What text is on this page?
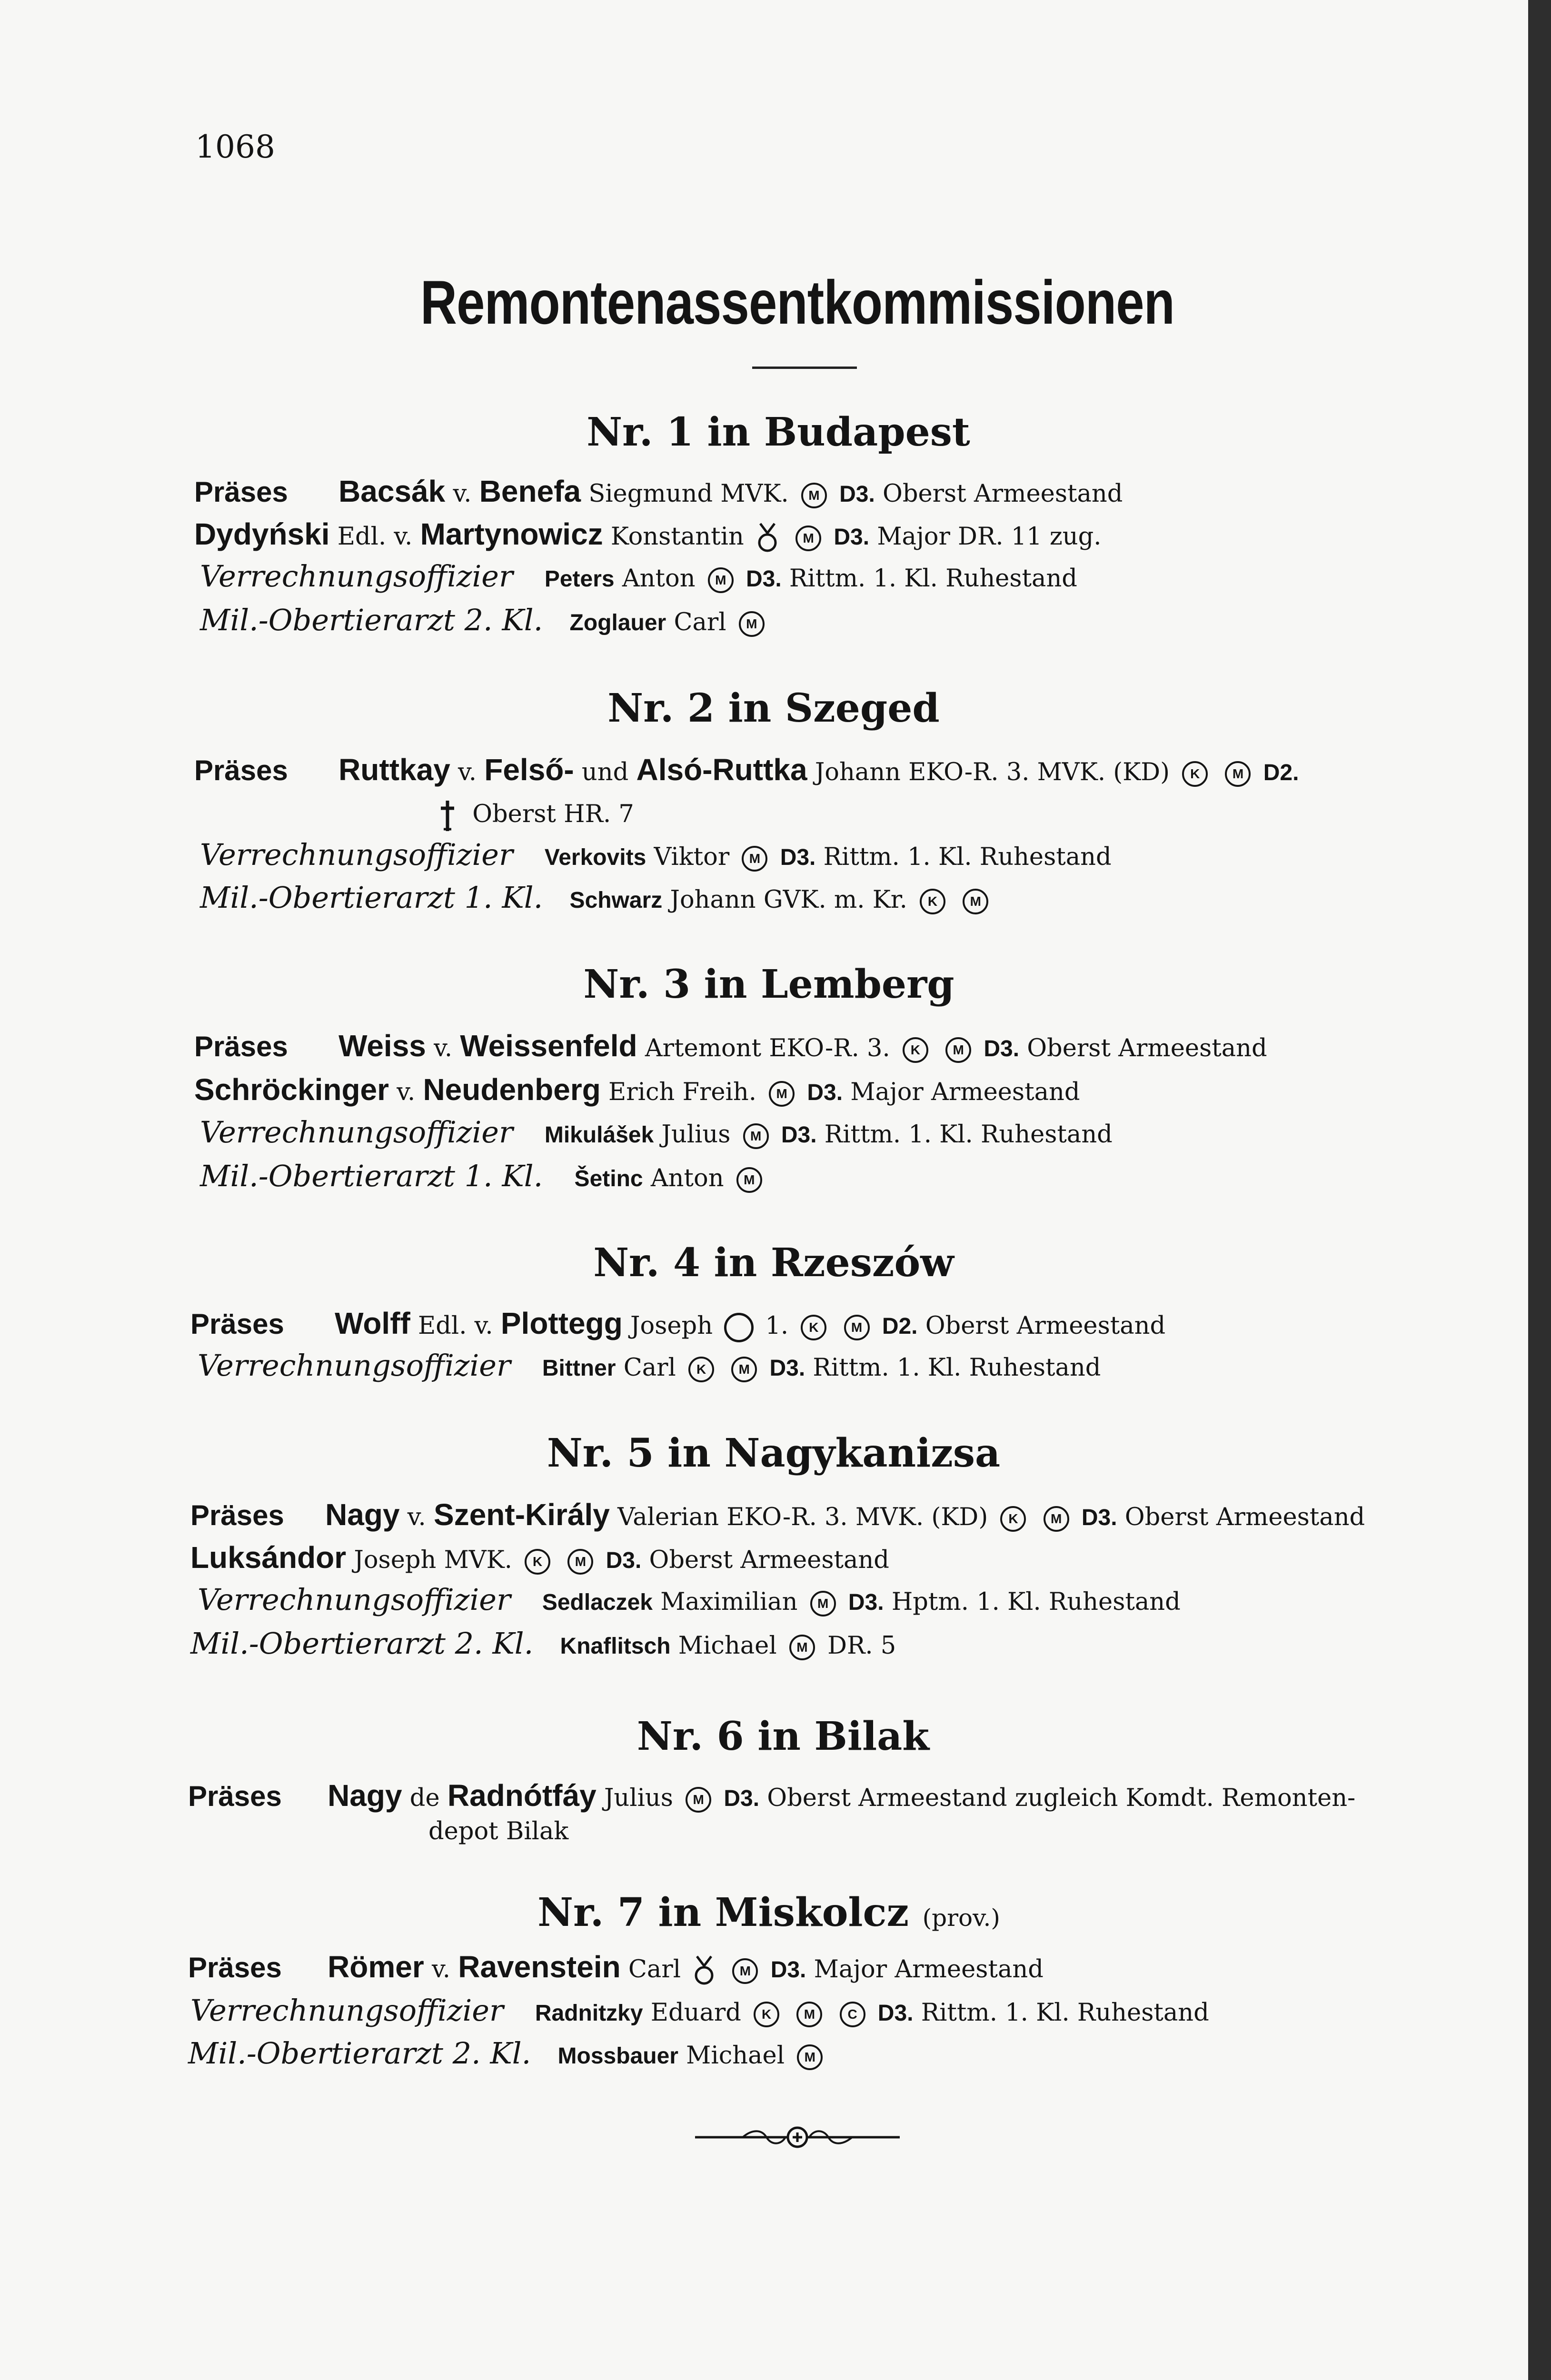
1068
Remontenassentkommissionen
Nr. 1 in Budapest
Präses Bacsák v. Benefa Siegmund MVK. M D3. Oberst Armeestand
Dydyński Edl. v. Martynowicz Konstantin	M D3. Major DR. 11 zug.
Verrechnungsoffizier Peters Anton M D3. Rittm. 1. Kl. Ruhestand
Mil.-Obertierarzt 2. Kl. Zoglauer Carl M
Nr. 2 in Szeged
Präses Ruttkay v. Felső- und Alsó-Ruttka Johann EKO-R. 3. MVK. (KD) K M D2.
Oberst HR. 7
Verrechnungsoffizier Verkovits Viktor M D3. Rittm. 1. Kl. Ruhestand
Mil.-Obertierarzt 1. Kl. Schwarz Johann GVK. m. Kr. K M
Nr. 3 in Lemberg
Präses Weiss v. Weissenfeld Artemont EKO-R. 3. K M D3. Oberst Armeestand
Schröckinger v. Neudenberg Erich Freih. M D3. Major Armeestand
Verrechnungsoffizier Mikulášek Julius M D3. Rittm. 1. Kl. Ruhestand
Mil.-Obertierarzt 1. Kl. Šetinc Anton M
Nr. 4 in Rzeszów
Präses Wolff Edl. v. Plottegg Joseph 1. K M D2. Oberst Armeestand
Verrechnungsoffizier Bittner Carl K M D3. Rittm. 1. Kl. Ruhestand
Nr. 5 in Nagykanizsa
Präses Nagy v. Szent-Király Valerian EKO-R. 3. MVK. (KD) K M D3. Oberst Armeestand
Luksándor Joseph MVK. K M D3. Oberst Armeestand
Verrechnungsoffizier Sedlaczek Maximilian M D3. Hptm. 1. Kl. Ruhestand
Mil.-Obertierarzt 2. Kl. Knaflitsch Michael M DR. 5
Nr. 6 in Bilak
Präses Nagy de Radnótfáy Julius M D3. Oberst Armeestand zugleich Komdt. Remonten-
depot Bilak
Nr. 7 in Miskolcz (prov.)
Präses Römer v. Ravenstein Carl	M D3. Major Armeestand
Verrechnungsoffizier Radnitzky Eduard K M C D3. Rittm. 1. Kl. Ruhestand
Mil.-Obertierarzt 2. Kl. Mossbauer Michael M
